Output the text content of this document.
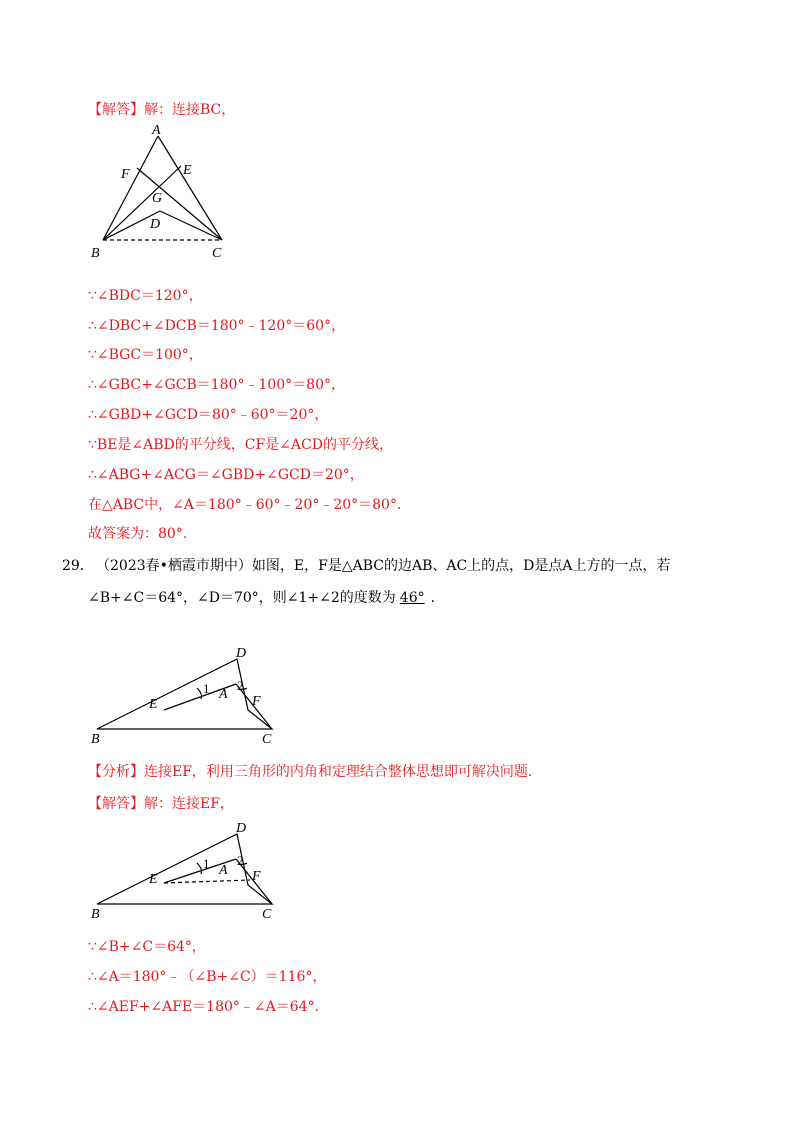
【解答】解：连接BC，
A
F	E
G
D
B	C
∵∠BDC＝120°，
∴∠DBC+∠DCB＝180°﹣120°＝60°，
∵∠BGC＝100°，
∴∠GBC+∠GCB＝180°﹣100°＝80°，
∴∠GBD+∠GCD＝80°﹣60°＝20°，
∵BE是∠ABD的平分线，CF是∠ACD的平分线，
∴∠ABG+∠ACG＝∠GBD+∠GCD＝20°，
在△ABC中，∠A＝180°﹣60°﹣20°﹣20°＝80°．
故答案为：80°．
29． （2023春•栖霞市期中）如图，E，F是△ABC的边AB、AC上的点，D是点A上方的一点，若
∠B+∠C＝64°，∠D＝70°，则∠1+∠2的度数为 46° ．
D
1 2
A
E	F
B	C
【分析】连接EF，利用三角形的内角和定理结合整体思想即可解决问题．
【解答】解：连接EF，
D
1 2
A
E	F
B	C
∵∠B+∠C＝64°，
∴∠A＝180°﹣（∠B+∠C）＝116°，
∴∠AEF+∠AFE＝180°﹣∠A＝64°．
